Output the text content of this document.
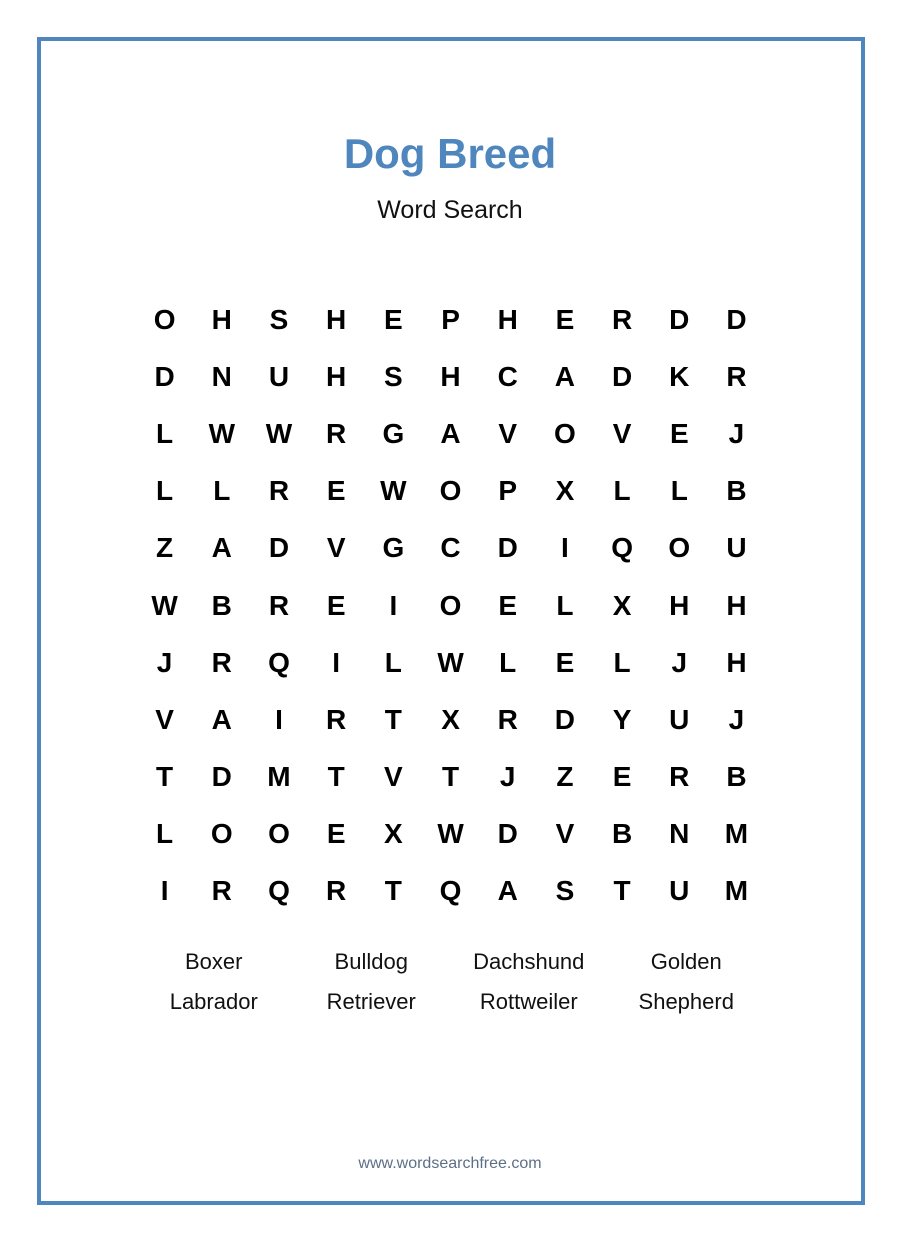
Dog Breed
Word Search
O	H	S	H	E	P	H	E	R	D	D
D	N	U	H	S	H	C	A	D	K	R
L	W	W	R	G	A	V	O	V	E	J
L	L	R	E	W	O	P	X	L	L	B
Z	A	D	V	G	C	D	I	Q	O	U
W	B	R	E	I	O	E	L	X	H	H
J	R	Q	I	L	W	L	E	L	J	H
V	A	I	R	T	X	R	D	Y	U	J
T	D	M	T	V	T	J	Z	E	R	B
L	O	O	E	X	W	D	V	B	N	M
I	R	Q	R	T	Q	A	S	T	U	M
Boxer	Bulldog	Dachshund	Golden
Labrador	Retriever	Rottweiler	Shepherd
www.wordsearchfree.com
